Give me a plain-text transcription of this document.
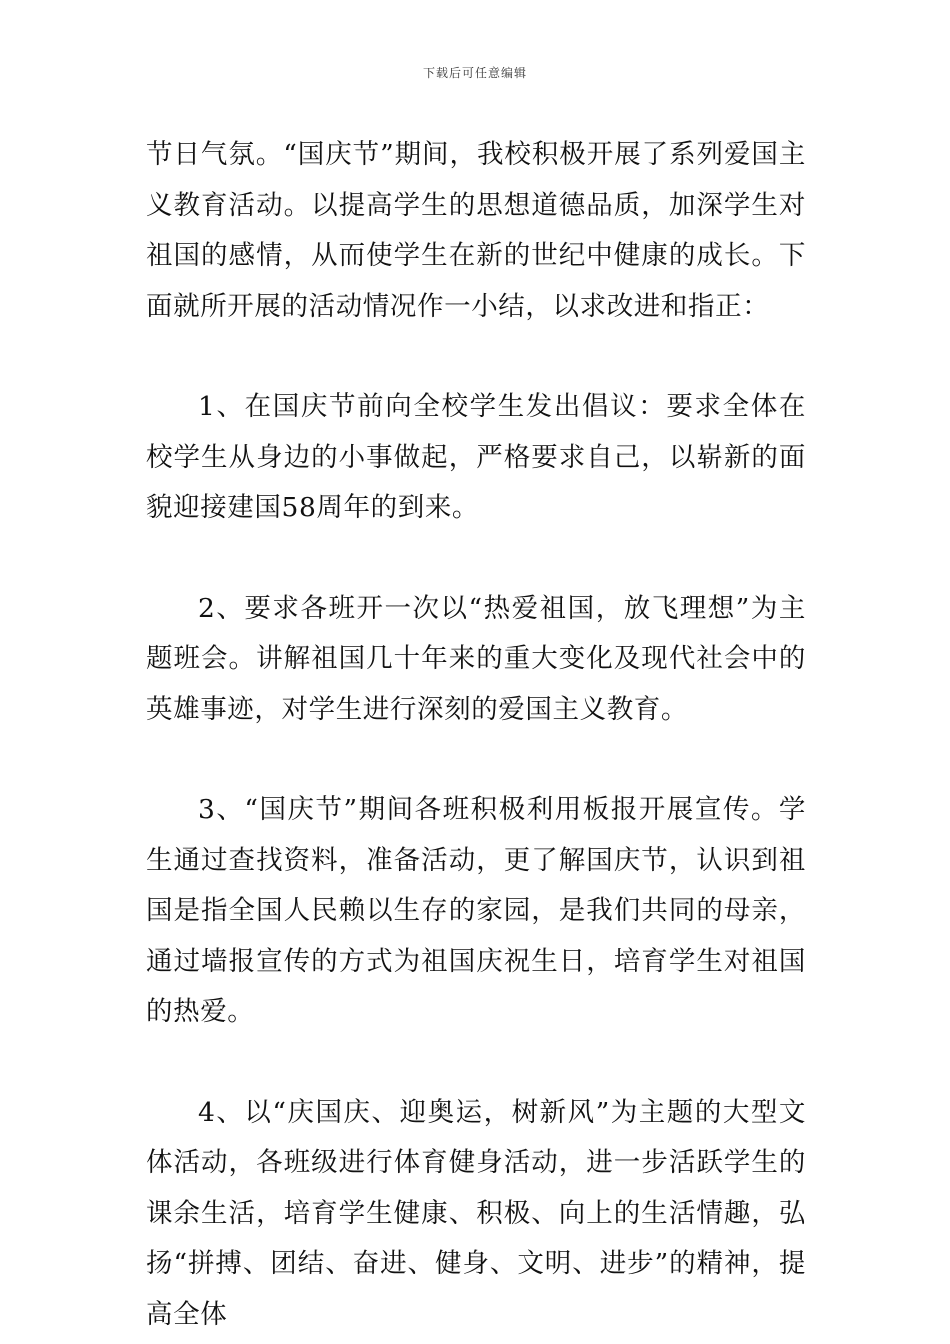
下载后可任意编辑

节日气氛。“国庆节”期间，我校积极开展了系列爱国主义教育活动。以提高学生的思想道德品质，加深学生对祖国的感情，从而使学生在新的世纪中健康的成长。下面就所开展的活动情况作一小结，以求改进和指正：

1、在国庆节前向全校学生发出倡议：要求全体在校学生从身边的小事做起，严格要求自己，以崭新的面貌迎接建国58周年的到来。

2、要求各班开一次以“热爱祖国，放飞理想”为主题班会。讲解祖国几十年来的重大变化及现代社会中的英雄事迹，对学生进行深刻的爱国主义教育。

3、“国庆节”期间各班积极利用板报开展宣传。学生通过查找资料，准备活动，更了解国庆节，认识到祖国是指全国人民赖以生存的家园，是我们共同的母亲，通过墙报宣传的方式为祖国庆祝生日，培育学生对祖国的热爱。

4、以“庆国庆、迎奥运，树新风”为主题的大型文体活动，各班级进行体育健身活动，进一步活跃学生的课余生活，培育学生健康、积极、向上的生活情趣，弘扬“拼搏、团结、奋进、健身、文明、进步”的精神，提高全体
